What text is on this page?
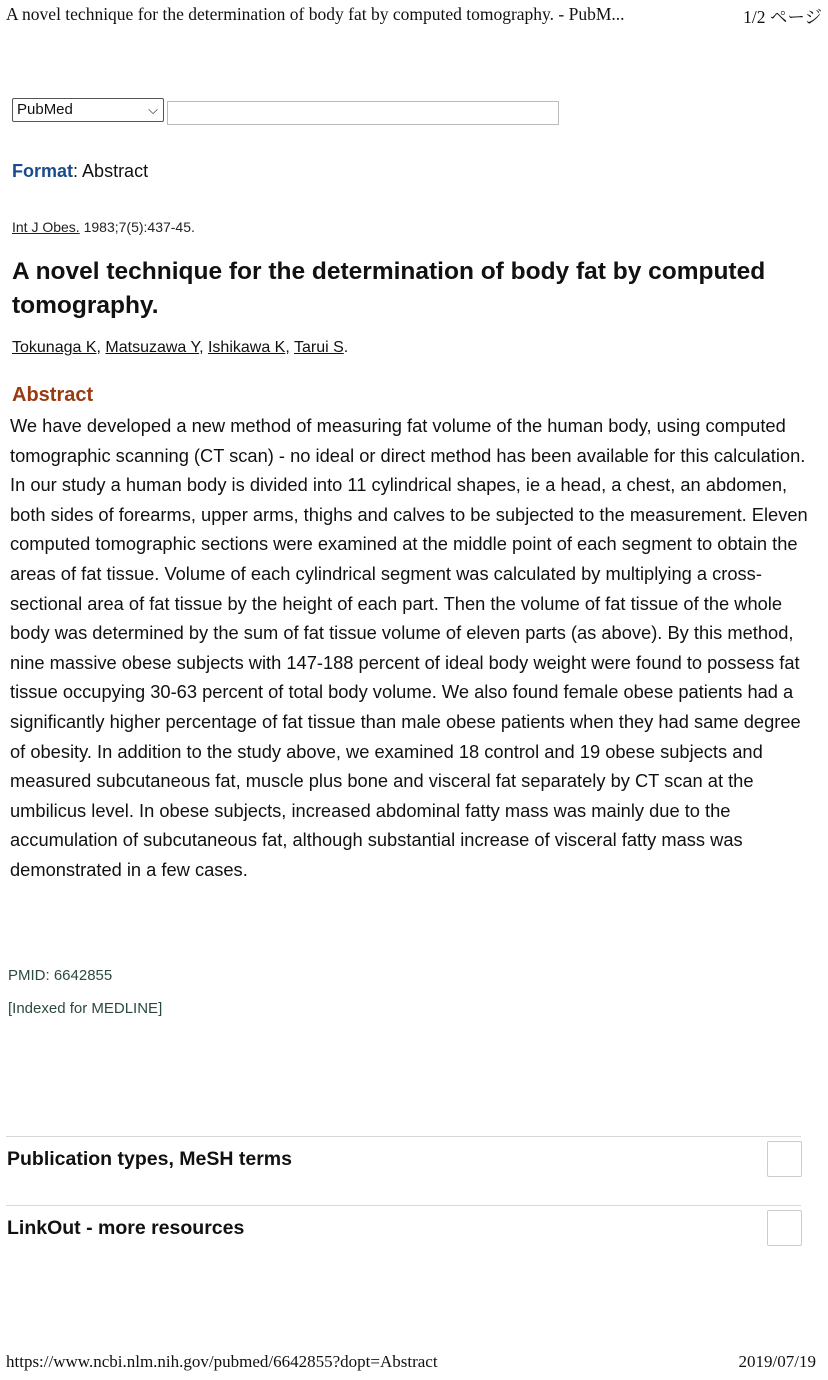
A novel technique for the determination of body fat by computed tomography. - PubM...	1/2 ページ
PubMed	⌵
Format: Abstract
Int J Obes. 1983;7(5):437-45.
A novel technique for the determination of body fat by computed tomography.
Tokunaga K, Matsuzawa Y, Ishikawa K, Tarui S.
Abstract
We have developed a new method of measuring fat volume of the human body, using computed tomographic scanning (CT scan) - no ideal or direct method has been available for this calculation. In our study a human body is divided into 11 cylindrical shapes, ie a head, a chest, an abdomen, both sides of forearms, upper arms, thighs and calves to be subjected to the measurement. Eleven computed tomographic sections were examined at the middle point of each segment to obtain the areas of fat tissue. Volume of each cylindrical segment was calculated by multiplying a cross-sectional area of fat tissue by the height of each part. Then the volume of fat tissue of the whole body was determined by the sum of fat tissue volume of eleven parts (as above). By this method, nine massive obese subjects with 147-188 percent of ideal body weight were found to possess fat tissue occupying 30-63 percent of total body volume. We also found female obese patients had a significantly higher percentage of fat tissue than male obese patients when they had same degree of obesity. In addition to the study above, we examined 18 control and 19 obese subjects and measured subcutaneous fat, muscle plus bone and visceral fat separately by CT scan at the umbilicus level. In obese subjects, increased abdominal fatty mass was mainly due to the accumulation of subcutaneous fat, although substantial increase of visceral fatty mass was demonstrated in a few cases.
PMID: 6642855
[Indexed for MEDLINE]
Publication types, MeSH terms
LinkOut - more resources
https://www.ncbi.nlm.nih.gov/pubmed/6642855?dopt=Abstract	2019/07/19
